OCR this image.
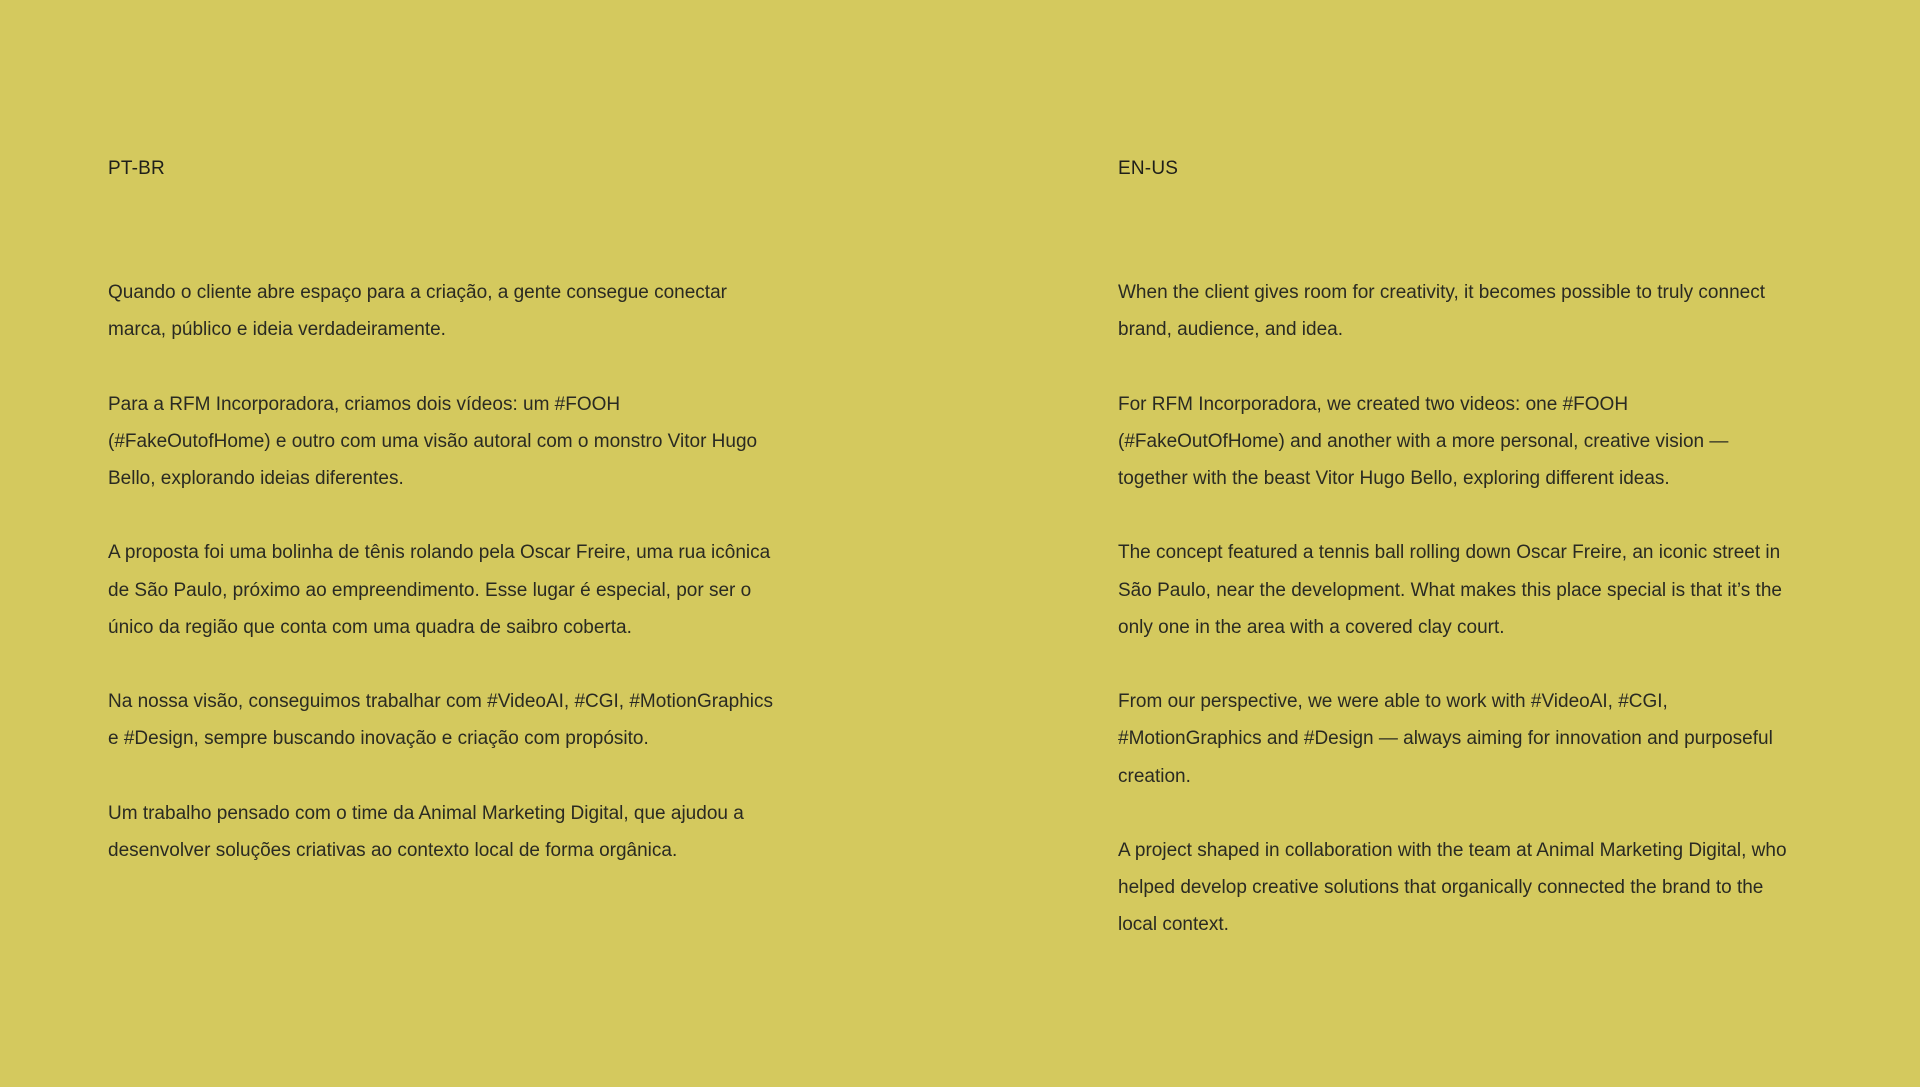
PT-BR

Quando o cliente abre espaço para a criação, a gente consegue conectar marca, público e ideia verdadeiramente.

Para a RFM Incorporadora, criamos dois vídeos: um #FOOH (#FakeOutofHome) e outro com uma visão autoral com o monstro Vitor Hugo Bello, explorando ideias diferentes.

A proposta foi uma bolinha de tênis rolando pela Oscar Freire, uma rua icônica de São Paulo, próximo ao empreendimento. Esse lugar é especial, por ser o único da região que conta com uma quadra de saibro coberta.

Na nossa visão, conseguimos trabalhar com #VideoAI, #CGI, #MotionGraphics e #Design, sempre buscando inovação e criação com propósito.

Um trabalho pensado com o time da Animal Marketing Digital, que ajudou a desenvolver soluções criativas ao contexto local de forma orgânica.

EN-US

When the client gives room for creativity, it becomes possible to truly connect brand, audience, and idea.

For RFM Incorporadora, we created two videos: one #FOOH (#FakeOutOfHome) and another with a more personal, creative vision — together with the beast Vitor Hugo Bello, exploring different ideas.

The concept featured a tennis ball rolling down Oscar Freire, an iconic street in São Paulo, near the development. What makes this place special is that it’s the only one in the area with a covered clay court.

From our perspective, we were able to work with #VideoAI, #CGI, #MotionGraphics and #Design — always aiming for innovation and purposeful creation.

A project shaped in collaboration with the team at Animal Marketing Digital, who helped develop creative solutions that organically connected the brand to the local context.
